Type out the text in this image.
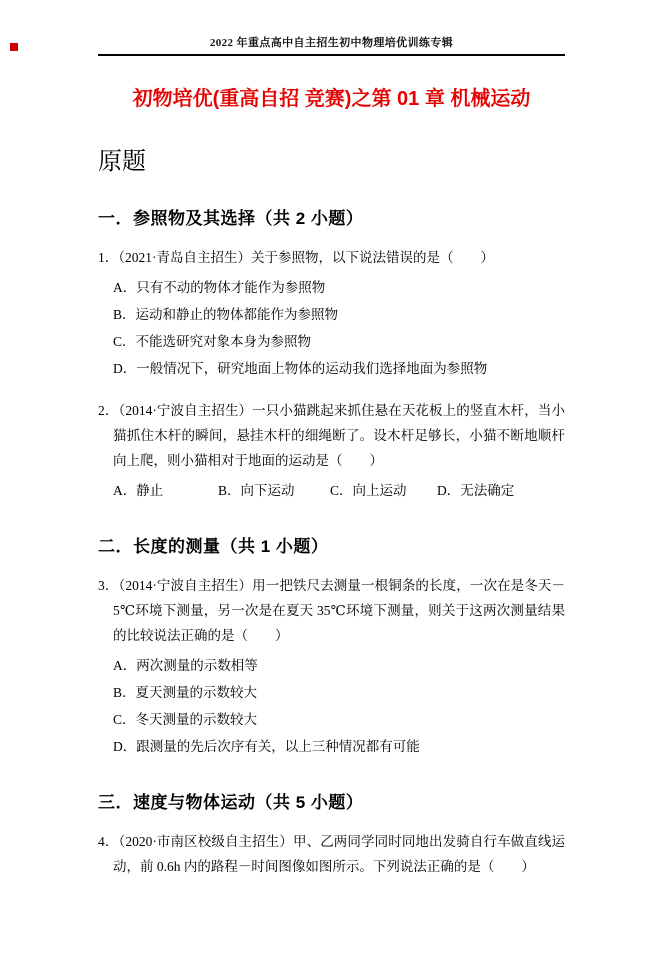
2022 年重点高中自主招生初中物理培优训练专辑
初物培优(重高自招 竞赛)之第 01 章 机械运动
原题
一．参照物及其选择（共 2 小题）

1．（2021·青岛自主招生）关于参照物，以下说法错误的是（　　）

A．只有不动的物体才能作为参照物
B．运动和静止的物体都能作为参照物
C．不能选研究对象本身为参照物
D．一般情况下，研究地面上物体的运动我们选择地面为参照物

2．（2014·宁波自主招生）一只小猫跳起来抓住悬在天花板上的竖直木杆，当小猫抓住木杆的瞬间，悬挂木杆的细绳断了。设木杆足够长，小猫不断地顺杆向上爬，则小猫相对于地面的运动是（　　）

A．静止	B．向下运动	C．向上运动 D．无法确定
二．长度的测量（共 1 小题）

3．（2014·宁波自主招生）用一把铁尺去测量一根铜条的长度，一次在是冬天－5℃环境下测量，另一次是在夏天 35℃环境下测量，则关于这两次测量结果的比较说法正确的是（　　）

A．两次测量的示数相等
B．夏天测量的示数较大
C．冬天测量的示数较大
D．跟测量的先后次序有关，以上三种情况都有可能
三．速度与物体运动（共 5 小题）

4．（2020·市南区校级自主招生）甲、乙两同学同时同地出发骑自行车做直线运动，前 0.6h 内的路程－时间图像如图所示。下列说法正确的是（　　）
